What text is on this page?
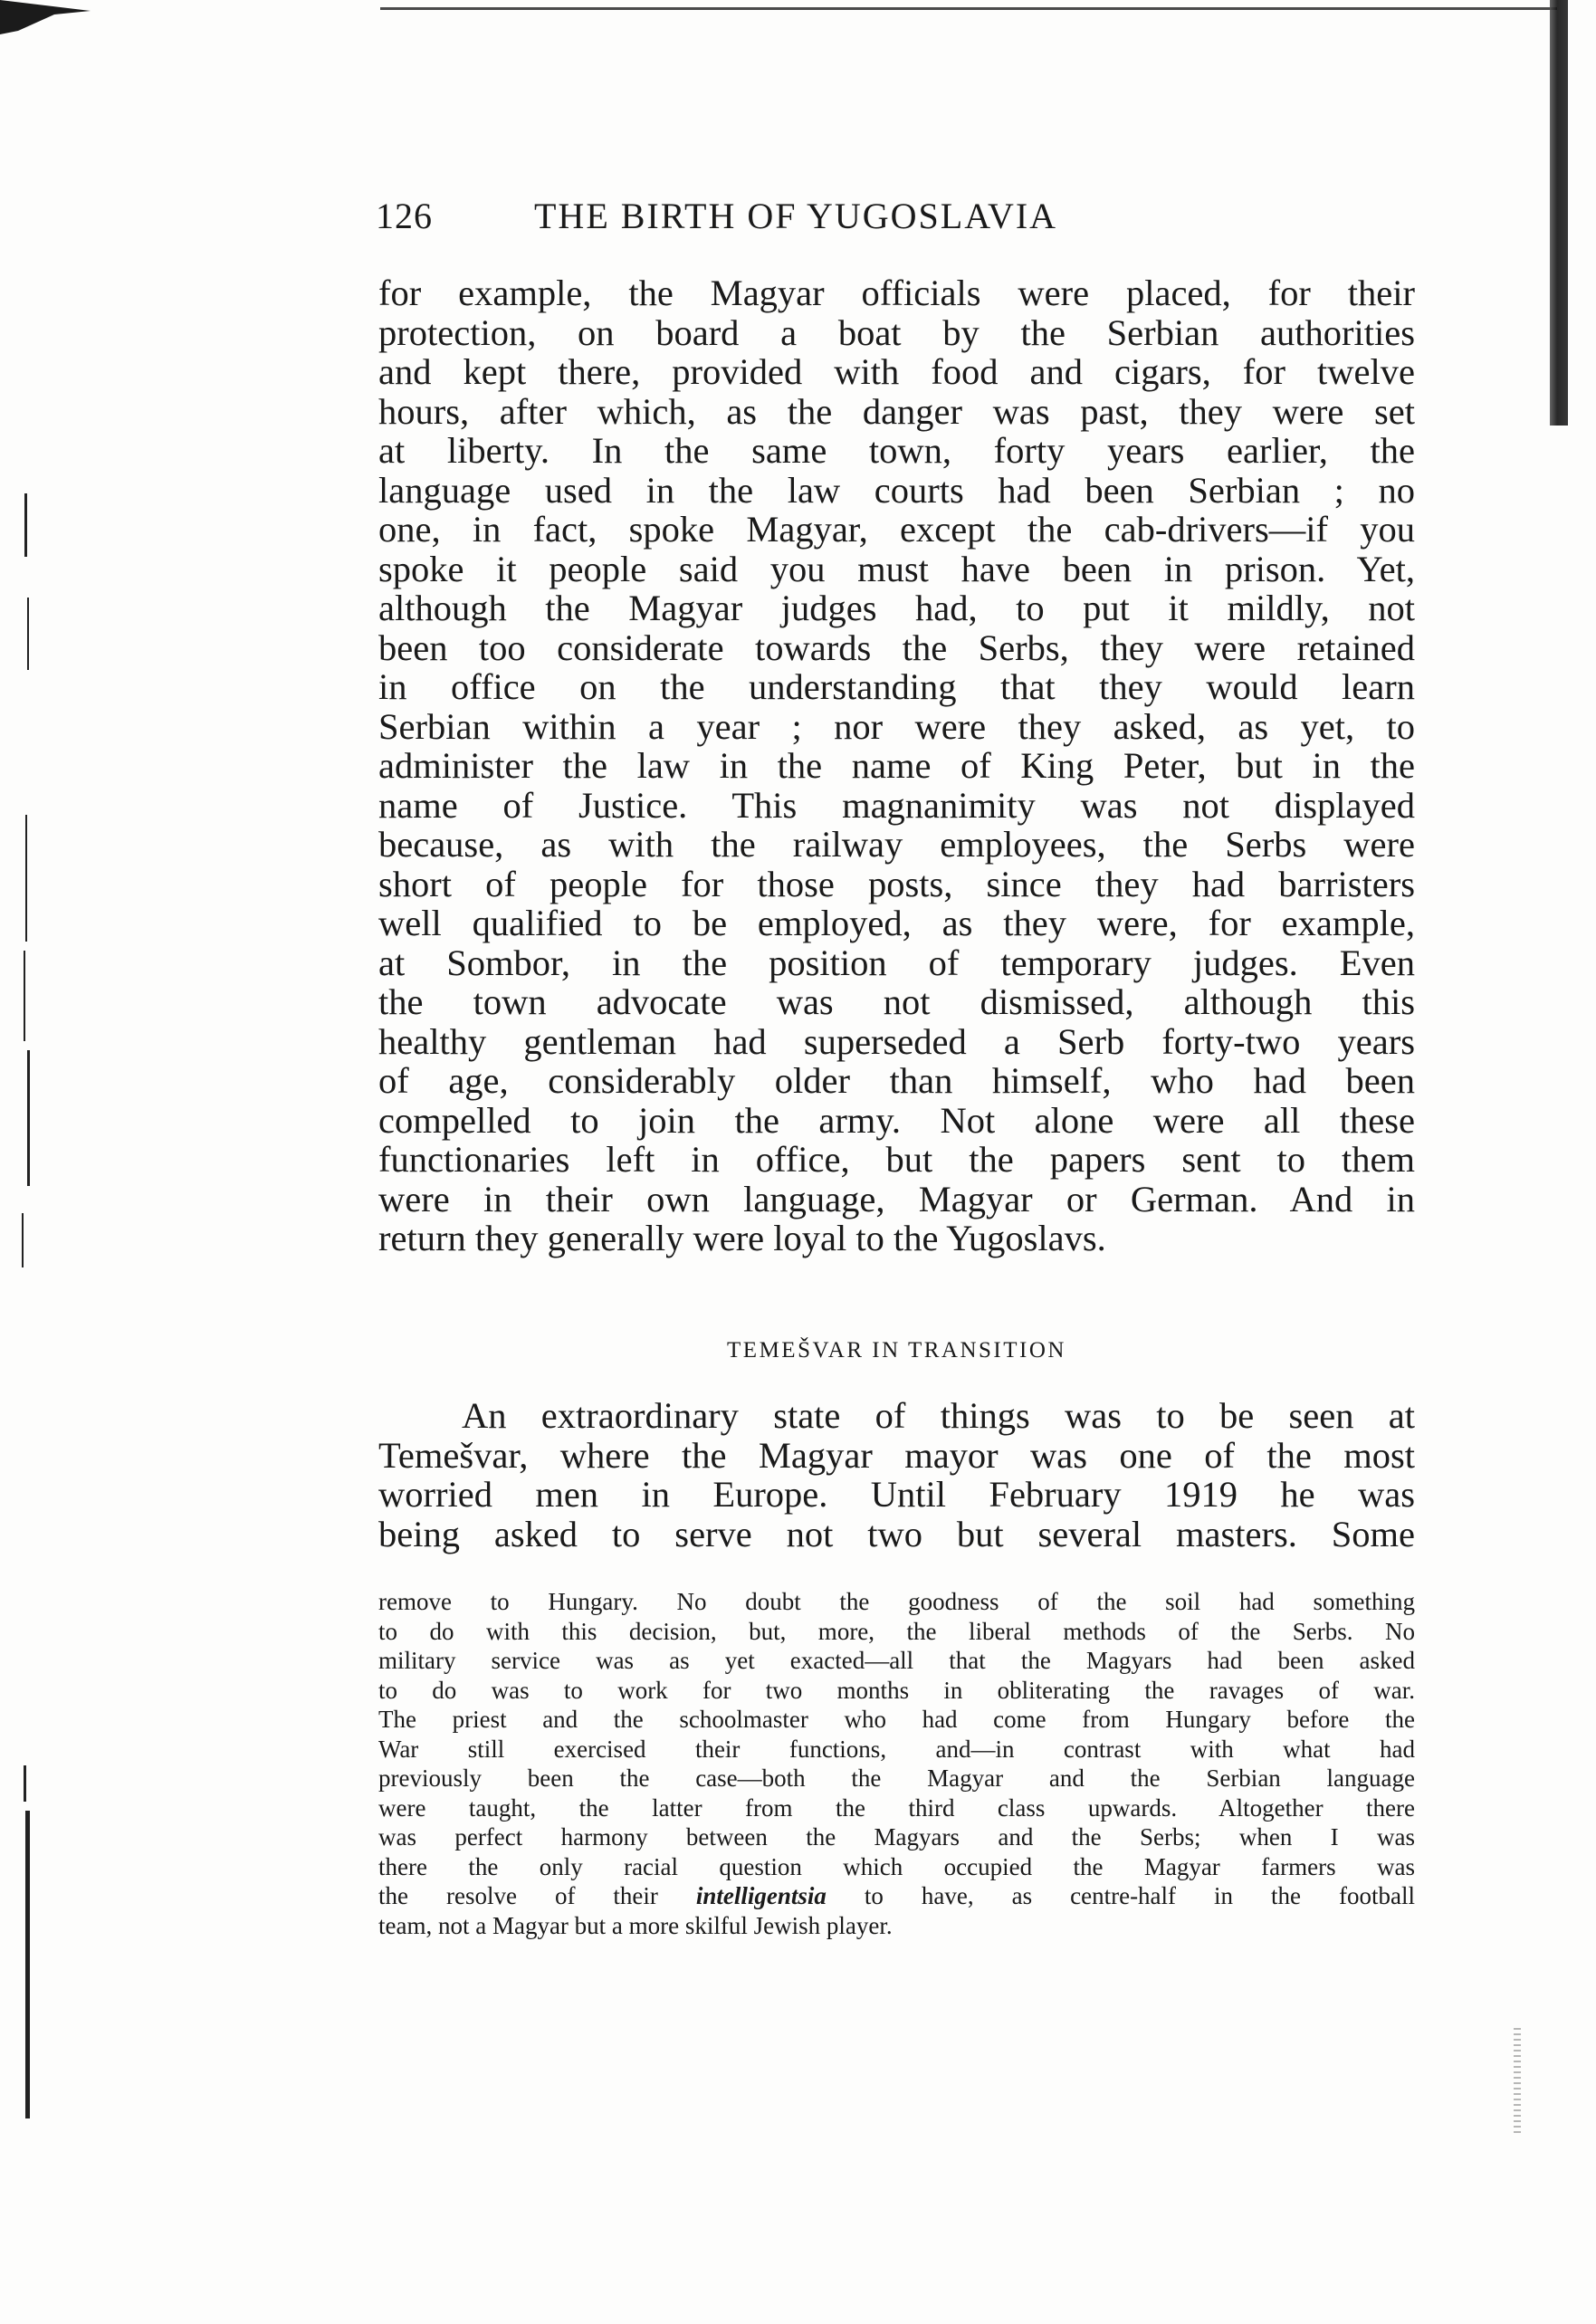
126	THE BIRTH OF YUGOSLAVIA
for example, the Magyar officials were placed, for their
protection, on board a boat by the Serbian authorities
and kept there, provided with food and cigars, for twelve
hours, after which, as the danger was past, they were set
at liberty. In the same town, forty years earlier, the
language used in the law courts had been Serbian ; no
one, in fact, spoke Magyar, except the cab-drivers—if you
spoke it people said you must have been in prison. Yet,
although the Magyar judges had, to put it mildly, not
been too considerate towards the Serbs, they were retained
in office on the understanding that they would learn
Serbian within a year ; nor were they asked, as yet, to
administer the law in the name of King Peter, but in the
name of Justice. This magnanimity was not displayed
because, as with the railway employees, the Serbs were
short of people for those posts, since they had barristers
well qualified to be employed, as they were, for example,
at Sombor, in the position of temporary judges. Even
the town advocate was not dismissed, although this
healthy gentleman had superseded a Serb forty-two years
of age, considerably older than himself, who had been
compelled to join the army. Not alone were all these
functionaries left in office, but the papers sent to them
were in their own language, Magyar or German. And in
return they generally were loyal to the Yugoslavs.
TEMEŠVAR IN TRANSITION
An extraordinary state of things was to be seen at
Temešvar, where the Magyar mayor was one of the most
worried men in Europe. Until February 1919 he was
being asked to serve not two but several masters. Some
remove to Hungary. No doubt the goodness of the soil had something
to do with this decision, but, more, the liberal methods of the Serbs. No
military service was as yet exacted—all that the Magyars had been asked
to do was to work for two months in obliterating the ravages of war.
The priest and the schoolmaster who had come from Hungary before the
War still exercised their functions, and—in contrast with what had
previously been the case—both the Magyar and the Serbian language
were taught, the latter from the third class upwards. Altogether there
was perfect harmony between the Magyars and the Serbs; when I was
there the only racial question which occupied the Magyar farmers was
the resolve of their intelligentsia to have, as centre-half in the football
team, not a Magyar but a more skilful Jewish player.
